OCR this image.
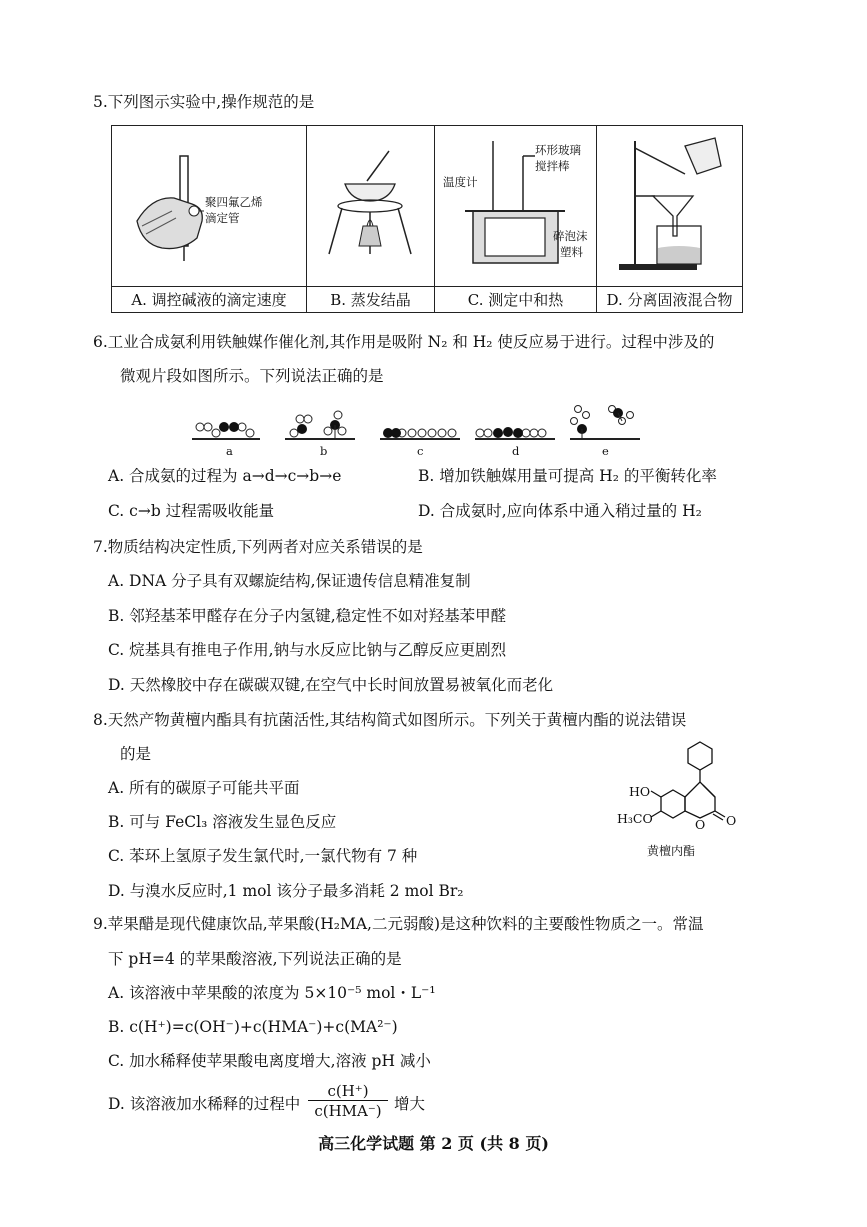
5.下列图示实验中,操作规范的是
聚四氟乙烯
滴定管
环形玻璃
搅拌棒
温度计
碎泡沫
塑料
A. 调控碱液的滴定速度	B. 蒸发结晶	C. 测定中和热	D. 分离固液混合物
6.工业合成氨利用铁触媒作催化剂,其作用是吸附 N₂ 和 H₂ 使反应易于进行。过程中涉及的
微观片段如图所示。下列说法正确的是
a	b	c	d	e
A. 合成氨的过程为 a→d→c→b→e	B. 增加铁触媒用量可提高 H₂ 的平衡转化率
C. c→b 过程需吸收能量	D. 合成氨时,应向体系中通入稍过量的 H₂
7.物质结构决定性质,下列两者对应关系错误的是
A. DNA 分子具有双螺旋结构,保证遗传信息精准复制
B. 邻羟基苯甲醛存在分子内氢键,稳定性不如对羟基苯甲醛
C. 烷基具有推电子作用,钠与水反应比钠与乙醇反应更剧烈
D. 天然橡胶中存在碳碳双键,在空气中长时间放置易被氧化而老化
8.天然产物黄檀内酯具有抗菌活性,其结构简式如图所示。下列关于黄檀内酯的说法错误
的是
A. 所有的碳原子可能共平面
B. 可与 FeCl₃ 溶液发生显色反应
C. 苯环上氢原子发生氯代时,一氯代物有 7 种
D. 与溴水反应时,1 mol 该分子最多消耗 2 mol Br₂
HO
H₃CO	O O
黄檀内酯
9.苹果醋是现代健康饮品,苹果酸(H₂MA,二元弱酸)是这种饮料的主要酸性物质之一。常温
下 pH=4 的苹果酸溶液,下列说法正确的是
A. 该溶液中苹果酸的浓度为 5×10⁻⁵ mol・L⁻¹
B. c(H⁺)=c(OH⁻)+c(HMA⁻)+c(MA²⁻)
C. 加水稀释使苹果酸电离度增大,溶液 pH 减小
D. 该溶液加水稀释的过程中
c(H⁺)
c(HMA⁻) 增大
高三化学试题 第 2 页 (共 8 页)
